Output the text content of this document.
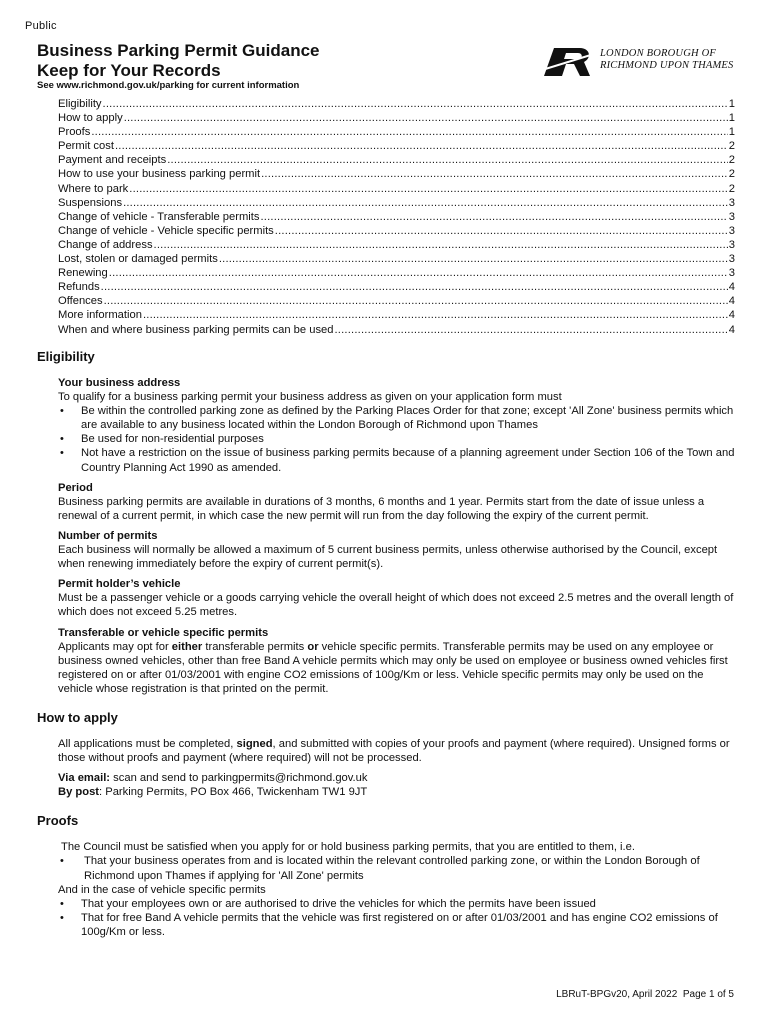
Public
Business Parking Permit Guidance
Keep for Your Records
See www.richmond.gov.uk/parking for current information
LONDON BOROUGH OF
RICHMOND UPON THAMES
Eligibility .....	1
How to apply .....	1
Proofs .....	1
Permit cost .....	2
Payment and receipts .....	2
How to use your business parking permit .....	2
Where to park .....	2
Suspensions .....	3
Change of vehicle - Transferable permits .....	3
Change of vehicle - Vehicle specific permits .....	3
Change of address .....	3
Lost, stolen or damaged permits .....	3
Renewing .....	3
Refunds .....	4
Offences .....	4
More information .....	4
When and where business parking permits can be used .....	4
Eligibility
Your business address

To qualify for a business parking permit your business address as given on your application form must

• Be within the controlled parking zone as defined by the Parking Places Order for that zone; except 'All Zone' business permits which are available to any business located within the London Borough of Richmond upon Thames
• Be used for non-residential purposes
• Not have a restriction on the issue of business parking permits because of a planning agreement under Section 106 of the Town and Country Planning Act 1990 as amended.
Period

Business parking permits are available in durations of 3 months, 6 months and 1 year. Permits start from the date of issue unless a renewal of a current permit, in which case the new permit will run from the day following the expiry of the current permit.

Number of permits

Each business will normally be allowed a maximum of 5 current business permits, unless otherwise authorised by the Council, except when renewing immediately before the expiry of current permit(s).

Permit holder’s vehicle

Must be a passenger vehicle or a goods carrying vehicle the overall height of which does not exceed 2.5 metres and the overall length of which does not exceed 5.25 metres.

Transferable or vehicle specific permits

Applicants may opt for either transferable permits or vehicle specific permits. Transferable permits may be used on any employee or business owned vehicles, other than free Band A vehicle permits which may only be used on employee or business owned vehicles first registered on or after 01/03/2001 with engine CO2 emissions of 100g/Km or less. Vehicle specific permits may only be used on the vehicle whose registration is that printed on the permit.

How to apply

All applications must be completed, signed, and submitted with copies of your proofs and payment (where required). Unsigned forms or those without proofs and payment (where required) will not be processed.

Via email: scan and send to parkingpermits@richmond.gov.uk

By post: Parking Permits, PO Box 466, Twickenham TW1 9JT

Proofs

The Council must be satisfied when you apply for or hold business parking permits, that you are entitled to them, i.e.

• That your business operates from and is located within the relevant controlled parking zone, or within the London Borough of Richmond upon Thames if applying for 'All Zone' permits

And in the case of vehicle specific permits

• That your employees own or are authorised to drive the vehicles for which the permits have been issued
• That for free Band A vehicle permits that the vehicle was first registered on or after 01/03/2001 and has engine CO2 emissions of 100g/Km or less.
LBRuT-BPGv20, April 2022 Page 1 of 5
